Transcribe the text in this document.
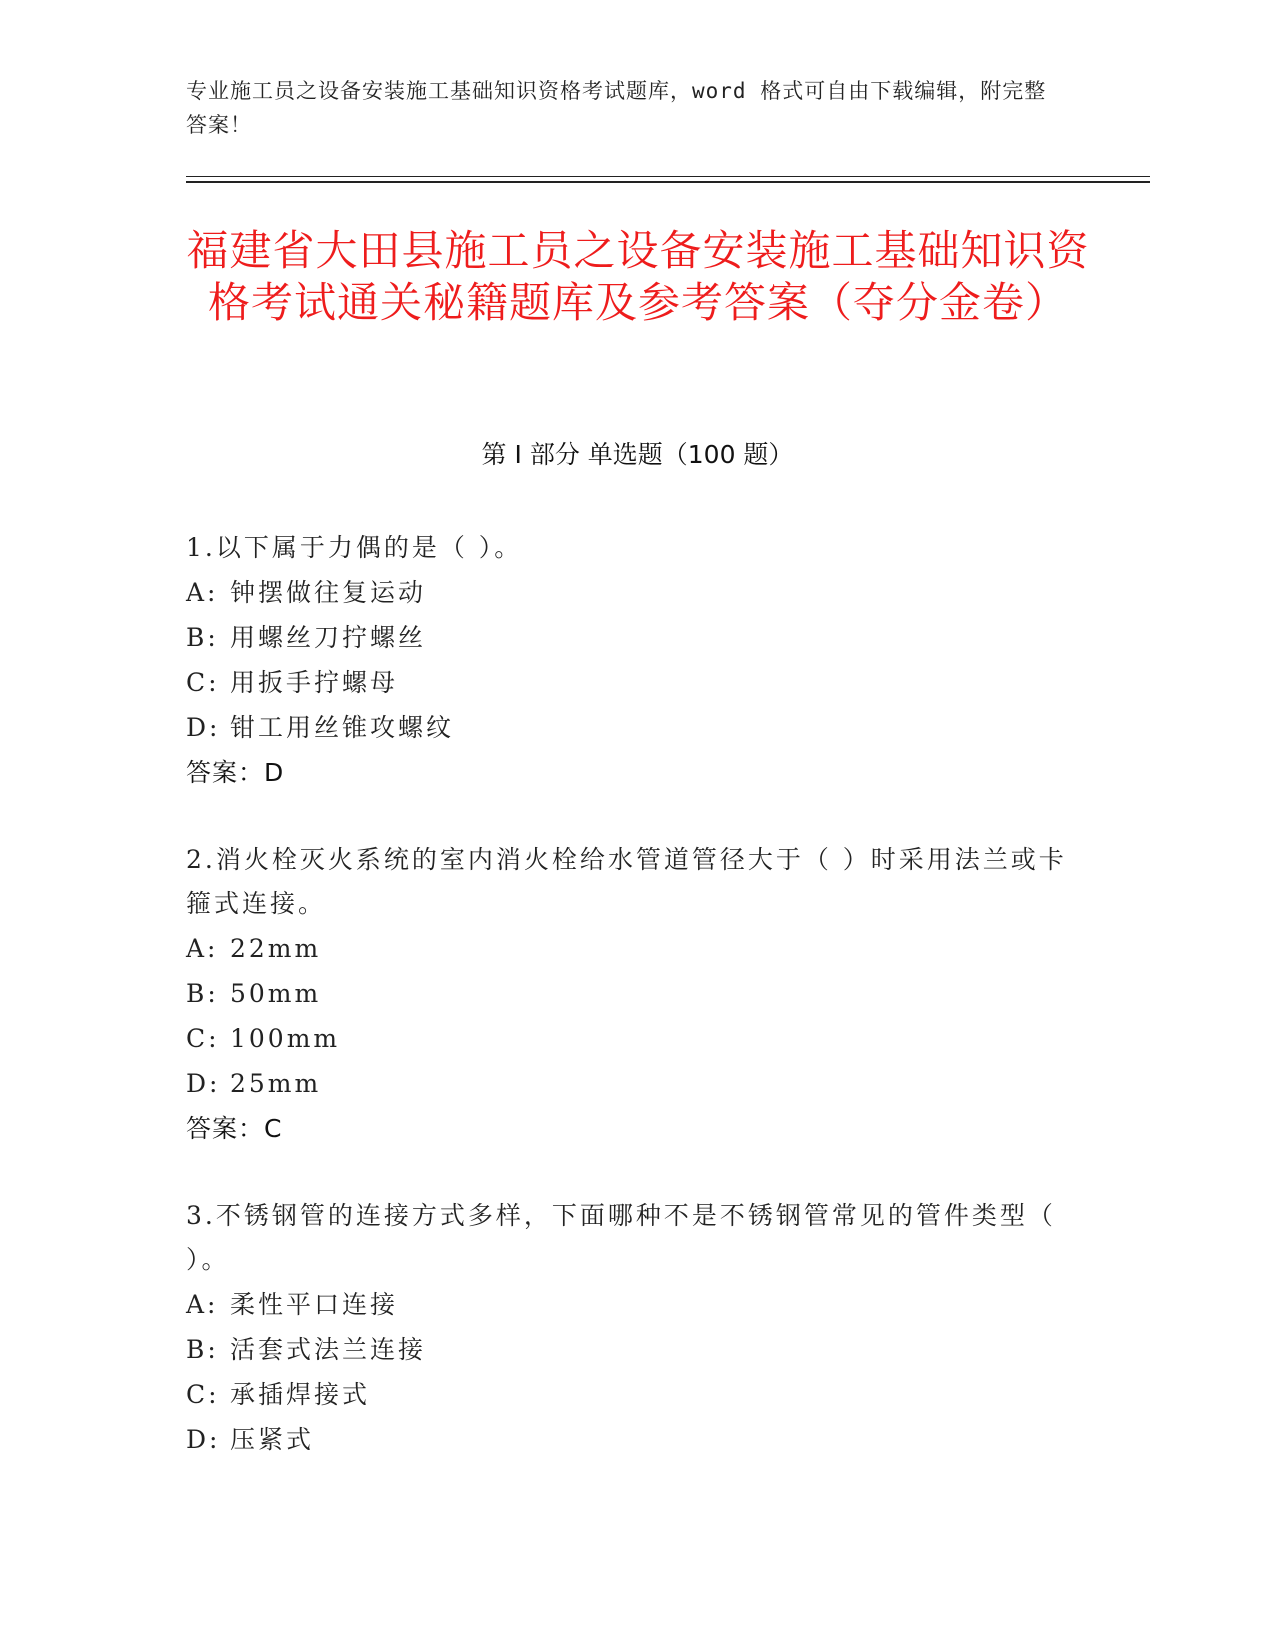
专业施工员之设备安装施工基础知识资格考试题库，word 格式可自由下载编辑，附完整答案！
福建省大田县施工员之设备安装施工基础知识资格考试通关秘籍题库及参考答案（夺分金卷）
第 I 部分 单选题（100 题）

1.以下属于力偶的是（ ）。

A: 钟摆做往复运动

B: 用螺丝刀拧螺丝

C: 用扳手拧螺母

D: 钳工用丝锥攻螺纹

答案：D

2.消火栓灭火系统的室内消火栓给水管道管径大于（ ）时采用法兰或卡箍式连接。

A: 22mm

B: 50mm

C: 100mm

D: 25mm

答案：C

3.不锈钢管的连接方式多样，下面哪种不是不锈钢管常见的管件类型（ ）。

A: 柔性平口连接

B: 活套式法兰连接

C: 承插焊接式

D: 压紧式
